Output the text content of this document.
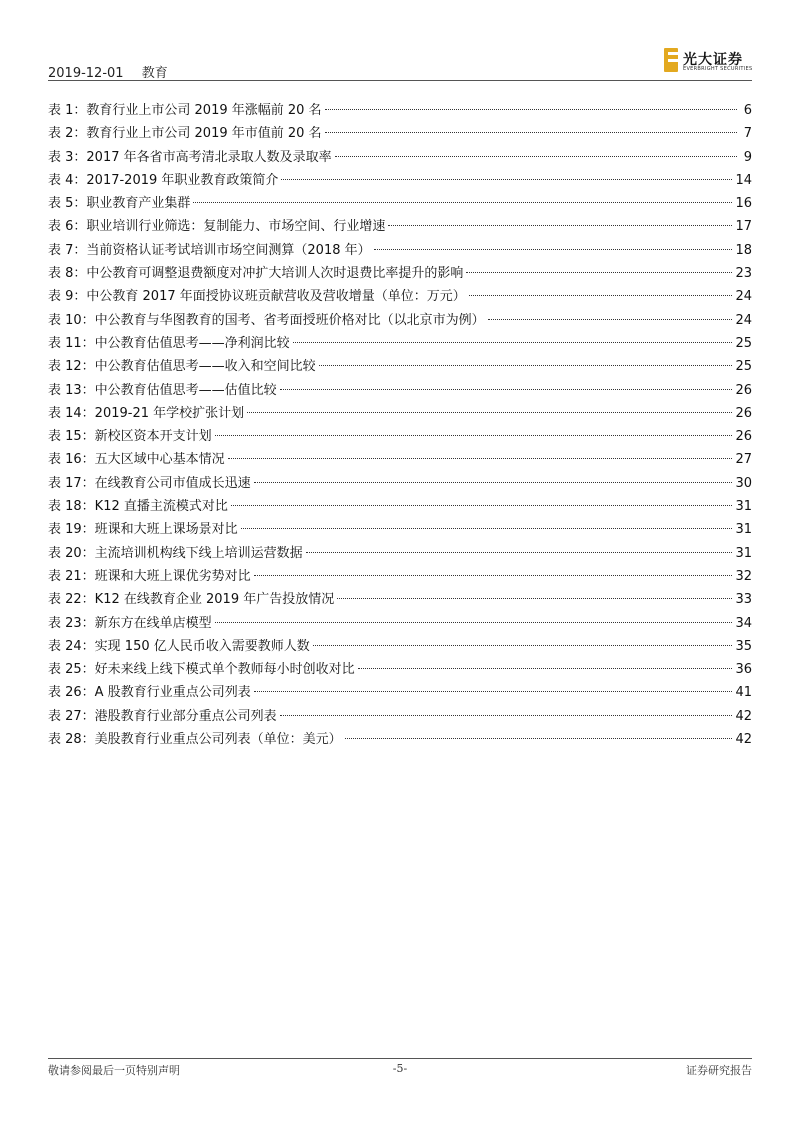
2019-12-01 教育
光大证券
EVERBRIGHT SECURITIES
表 1：教育行业上市公司 2019 年涨幅前 20 名	6
表 2：教育行业上市公司 2019 年市值前 20 名	7
表 3：2017 年各省市高考清北录取人数及录取率	9
表 4：2017-2019 年职业教育政策简介	14
表 5：职业教育产业集群	16
表 6：职业培训行业筛选：复制能力、市场空间、行业增速	17
表 7：当前资格认证考试培训市场空间测算（2018 年）	18
表 8：中公教育可调整退费额度对冲扩大培训人次时退费比率提升的影响	23
表 9：中公教育 2017 年面授协议班贡献营收及营收增量（单位：万元）	24
表 10：中公教育与华图教育的国考、省考面授班价格对比（以北京市为例）	24
表 11：中公教育估值思考——净利润比较	25
表 12：中公教育估值思考——收入和空间比较	25
表 13：中公教育估值思考——估值比较	26
表 14：2019-21 年学校扩张计划	26
表 15：新校区资本开支计划	26
表 16：五大区域中心基本情况	27
表 17：在线教育公司市值成长迅速	30
表 18：K12 直播主流模式对比	31
表 19：班课和大班上课场景对比	31
表 20：主流培训机构线下线上培训运营数据	31
表 21：班课和大班上课优劣势对比	32
表 22：K12 在线教育企业 2019 年广告投放情况	33
表 23：新东方在线单店模型	34
表 24：实现 150 亿人民币收入需要教师人数	35
表 25：好未来线上线下模式单个教师每小时创收对比	36
表 26：A 股教育行业重点公司列表	41
表 27：港股教育行业部分重点公司列表	42
表 28：美股教育行业重点公司列表（单位：美元）	42
敬请参阅最后一页特别声明	-5-	证券研究报告
